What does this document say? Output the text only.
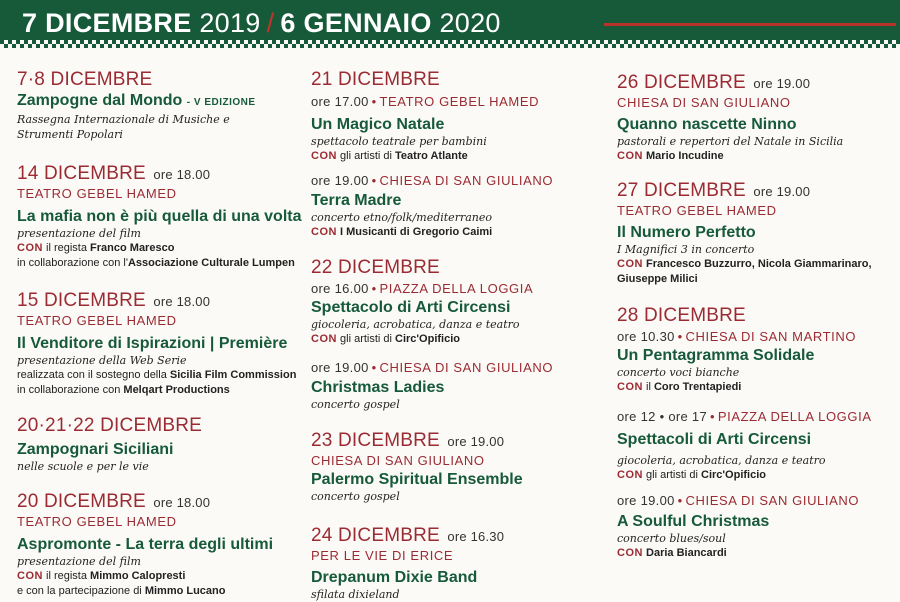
7 DICEMBRE 2019 / 6 GENNAIO 2020
7·8 DICEMBRE
Zampogne dal Mondo - V EDIZIONE
Rassegna Internazionale di Musiche e
Strumenti Popolari
14 DICEMBRE ore 18.00
TEATRO GEBEL HAMED
La mafia non è più quella di una volta
presentazione del film
CON il regista Franco Maresco
in collaborazione con l'Associazione Culturale Lumpen
15 DICEMBRE ore 18.00
TEATRO GEBEL HAMED
Il Venditore di Ispirazioni | Première
presentazione della Web Serie
realizzata con il sostegno della Sicilia Film Commission
in collaborazione con Melqart Productions
20·21·22 DICEMBRE
Zampognari Siciliani
nelle scuole e per le vie
20 DICEMBRE ore 18.00
TEATRO GEBEL HAMED
Aspromonte - La terra degli ultimi
presentazione del film
CON il regista Mimmo Calopresti
e con la partecipazione di Mimmo Lucano
21 DICEMBRE
ore 17.00 • TEATRO GEBEL HAMED
Un Magico Natale
spettacolo teatrale per bambini
CON gli artisti di Teatro Atlante
ore 19.00 • CHIESA DI SAN GIULIANO
Terra Madre
concerto etno/folk/mediterraneo
CON I Musicanti di Gregorio Caimi
22 DICEMBRE
ore 16.00 • PIAZZA DELLA LOGGIA
Spettacolo di Arti Circensi
giocoleria, acrobatica, danza e teatro
CON gli artisti di Circ'Opificio
ore 19.00 • CHIESA DI SAN GIULIANO
Christmas Ladies
concerto gospel
23 DICEMBRE ore 19.00
CHIESA DI SAN GIULIANO
Palermo Spiritual Ensemble
concerto gospel
24 DICEMBRE ore 16.30
PER LE VIE DI ERICE
Drepanum Dixie Band
sfilata dixieland
26 DICEMBRE ore 19.00
CHIESA DI SAN GIULIANO
Quanno nascette Ninno
pastorali e repertori del Natale in Sicilia
CON Mario Incudine
27 DICEMBRE ore 19.00
TEATRO GEBEL HAMED
Il Numero Perfetto
I Magnifici 3 in concerto
CON Francesco Buzzurro, Nicola Giammarinaro,
Giuseppe Milici
28 DICEMBRE
ore 10.30 • CHIESA DI SAN MARTINO
Un Pentagramma Solidale
concerto voci bianche
CON il Coro Trentapiedi
ore 12 • ore 17 • PIAZZA DELLA LOGGIA
Spettacoli di Arti Circensi
giocoleria, acrobatica, danza e teatro
CON gli artisti di Circ'Opificio
ore 19.00 • CHIESA DI SAN GIULIANO
A Soulful Christmas
concerto blues/soul
CON Daria Biancardi
